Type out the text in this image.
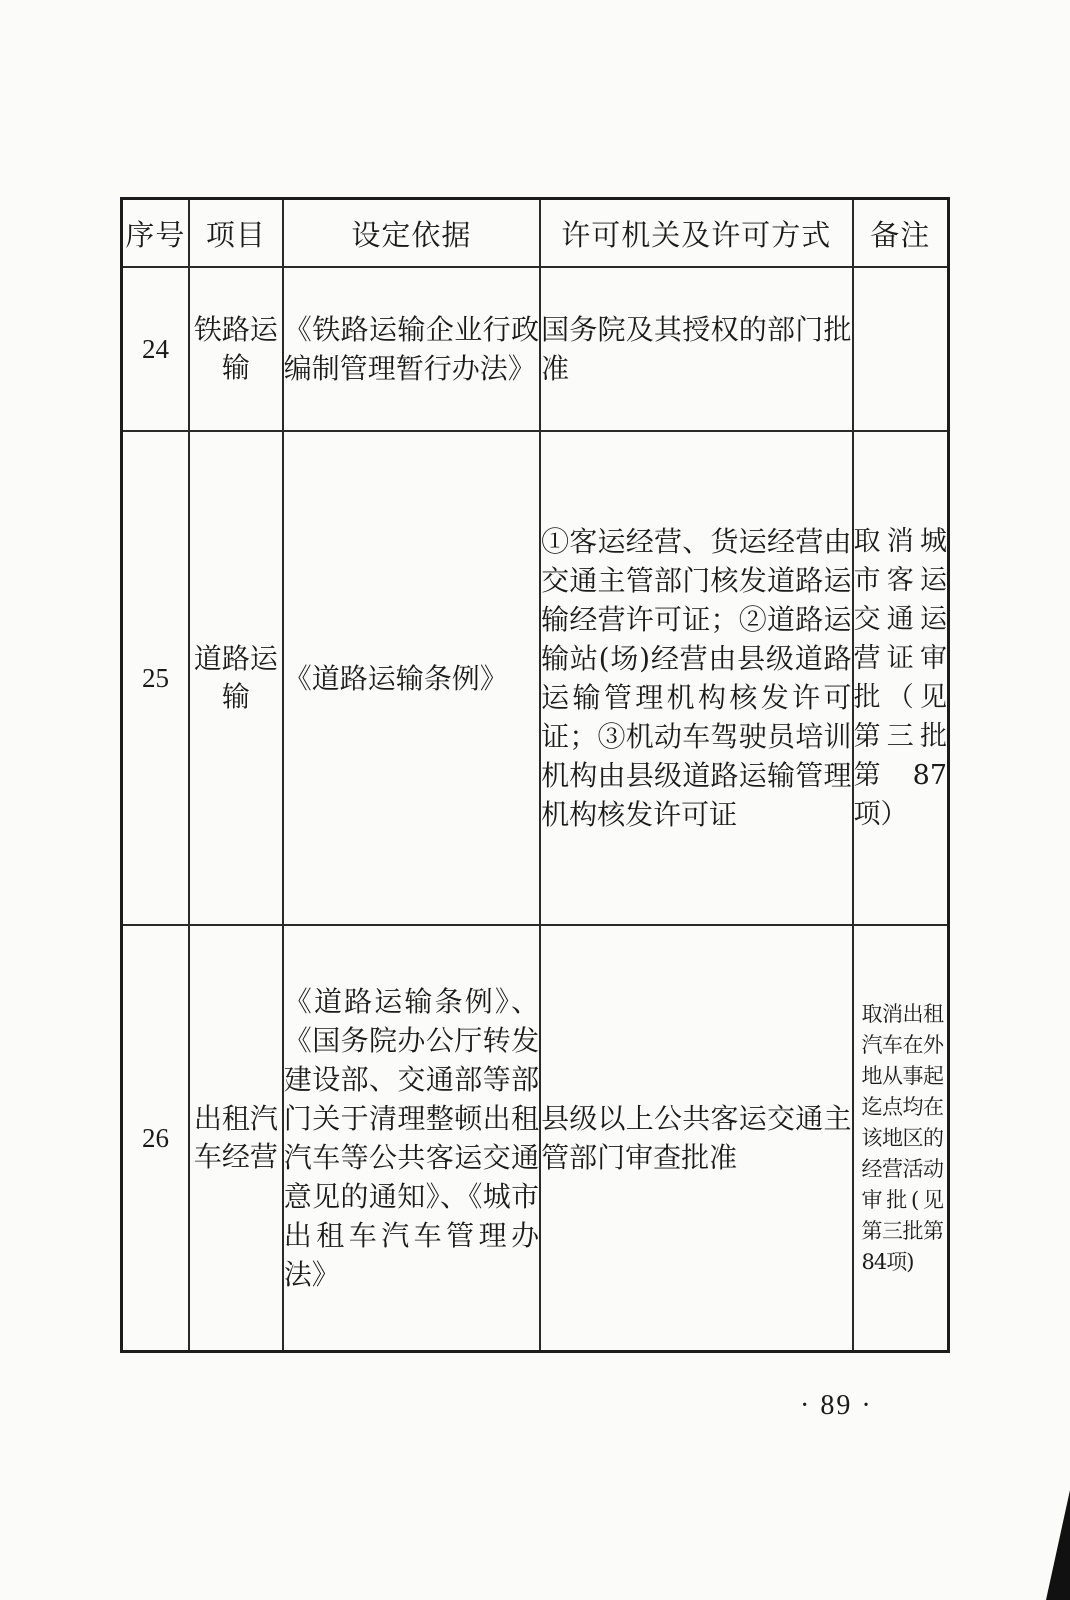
序号	项目	设定依据	许可机关及许可方式	备注
24	铁路运输	《铁路运输企业行政编制管理暂行办法》	国务院及其授权的部门批准	
25	道路运输	《道路运输条例》	①客运经营、货运经营由交通主管部门核发道路运输经营许可证；②道路运输站(场)经营由县级道路运输管理机构核发许可证；③机动车驾驶员培训机构由县级道路运输管理机构核发许可证	取消城市客运交通运营证审批（见第三批第87项）
26	出租汽车经营	《道路运输条例》、《国务院办公厅转发建设部、交通部等部门关于清理整顿出租汽车等公共客运交通意见的通知》、《城市出租车汽车管理办法》	县级以上公共客运交通主管部门审查批准	取消出租汽车在外地从事起迄点均在该地区的经营活动审批(见第三批第84项)
· 89 ·
